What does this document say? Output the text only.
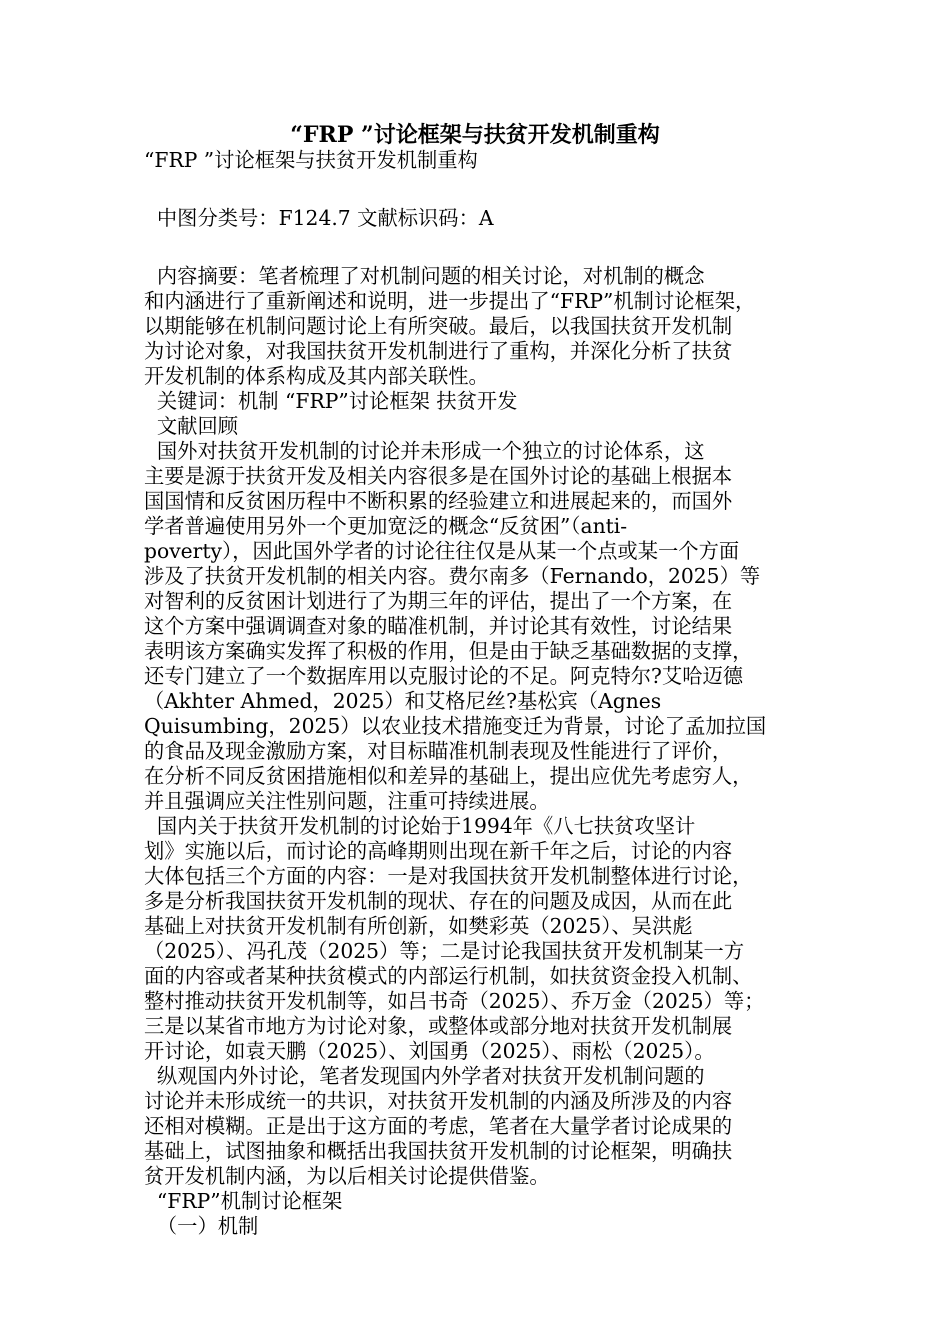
“FRP ”讨论框架与扶贫开发机制重构
“FRP ”讨论框架与扶贫开发机制重构
中图分类号：F124.7 文献标识码：A
内容摘要：笔者梳理了对机制问题的相关讨论，对机制的概念
和内涵进行了重新阐述和说明，进一步提出了“FRP”机制讨论框架，
以期能够在机制问题讨论上有所突破。最后，以我国扶贫开发机制
为讨论对象，对我国扶贫开发机制进行了重构，并深化分析了扶贫
开发机制的体系构成及其内部关联性。
关键词：机制 “FRP”讨论框架 扶贫开发
文献回顾
国外对扶贫开发机制的讨论并未形成一个独立的讨论体系，这
主要是源于扶贫开发及相关内容很多是在国外讨论的基础上根据本
国国情和反贫困历程中不断积累的经验建立和进展起来的，而国外
学者普遍使用另外一个更加宽泛的概念“反贫困”（anti-
poverty），因此国外学者的讨论往往仅是从某一个点或某一个方面
涉及了扶贫开发机制的相关内容。费尔南多（Fernando，2025）等
对智利的反贫困计划进行了为期三年的评估，提出了一个方案，在
这个方案中强调调查对象的瞄准机制，并讨论其有效性，讨论结果
表明该方案确实发挥了积极的作用，但是由于缺乏基础数据的支撑，
还专门建立了一个数据库用以克服讨论的不足。阿克特尔?艾哈迈德
（Akhter Ahmed，2025）和艾格尼丝?基松宾（Agnes
Quisumbing，2025）以农业技术措施变迁为背景，讨论了孟加拉国
的食品及现金激励方案，对目标瞄准机制表现及性能进行了评价，
在分析不同反贫困措施相似和差异的基础上，提出应优先考虑穷人，
并且强调应关注性别问题，注重可持续进展。
国内关于扶贫开发机制的讨论始于1994年《八七扶贫攻坚计
划》实施以后，而讨论的高峰期则出现在新千年之后，讨论的内容
大体包括三个方面的内容：一是对我国扶贫开发机制整体进行讨论，
多是分析我国扶贫开发机制的现状、存在的问题及成因，从而在此
基础上对扶贫开发机制有所创新，如樊彩英（2025）、吴洪彪
（2025）、冯孔茂（2025）等；二是讨论我国扶贫开发机制某一方
面的内容或者某种扶贫模式的内部运行机制，如扶贫资金投入机制、
整村推动扶贫开发机制等，如吕书奇（2025）、乔万金（2025）等；
三是以某省市地方为讨论对象，或整体或部分地对扶贫开发机制展
开讨论，如袁天鹏（2025）、刘国勇（2025）、雨松（2025）。
纵观国内外讨论，笔者发现国内外学者对扶贫开发机制问题的
讨论并未形成统一的共识，对扶贫开发机制的内涵及所涉及的内容
还相对模糊。正是出于这方面的考虑，笔者在大量学者讨论成果的
基础上，试图抽象和概括出我国扶贫开发机制的讨论框架，明确扶
贫开发机制内涵，为以后相关讨论提供借鉴。
“FRP”机制讨论框架
（一）机制
